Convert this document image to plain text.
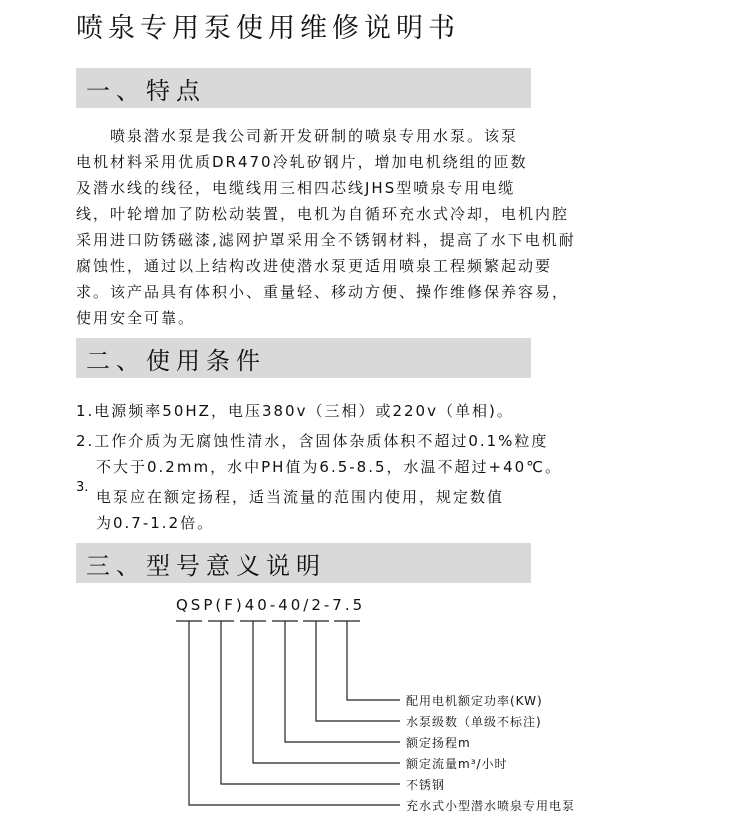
喷泉专用泵使用维修说明书
一、特点

喷泉潜水泵是我公司新开发研制的喷泉专用水泵。该泵

电机材料采用优质DR470冷轧矽钢片，增加电机绕组的匝数

及潜水线的线径，电缆线用三相四芯线JHS型喷泉专用电缆

线，叶轮增加了防松动装置，电机为自循环充水式冷却，电机内腔

采用进口防锈磁漆,滤网护罩采用全不锈钢材料，提高了水下电机耐

腐蚀性，通过以上结构改进使潜水泵更适用喷泉工程频繁起动要

求。该产品具有体积小、重量轻、移动方便、操作维修保养容易，

使用安全可靠。

二、使用条件
1.电源频率50HZ，电压380v（三相）或220v（单相)。
2.工作介质为无腐蚀性清水，含固体杂质体积不超过0.1%粒度
不大于0.2mm，水中PH值为6.5-8.5，水温不超过+40℃。
3.
电泵应在额定扬程，适当流量的范围内使用，规定数值
为0.7-1.2倍。
三、型号意义说明
QSP(F)40-40/2-7.5
配用电机额定功率(KW)
水泵级数（单级不标注)
额定扬程m
额定流量m³/小时
不锈钢
充水式小型潜水喷泉专用电泵
